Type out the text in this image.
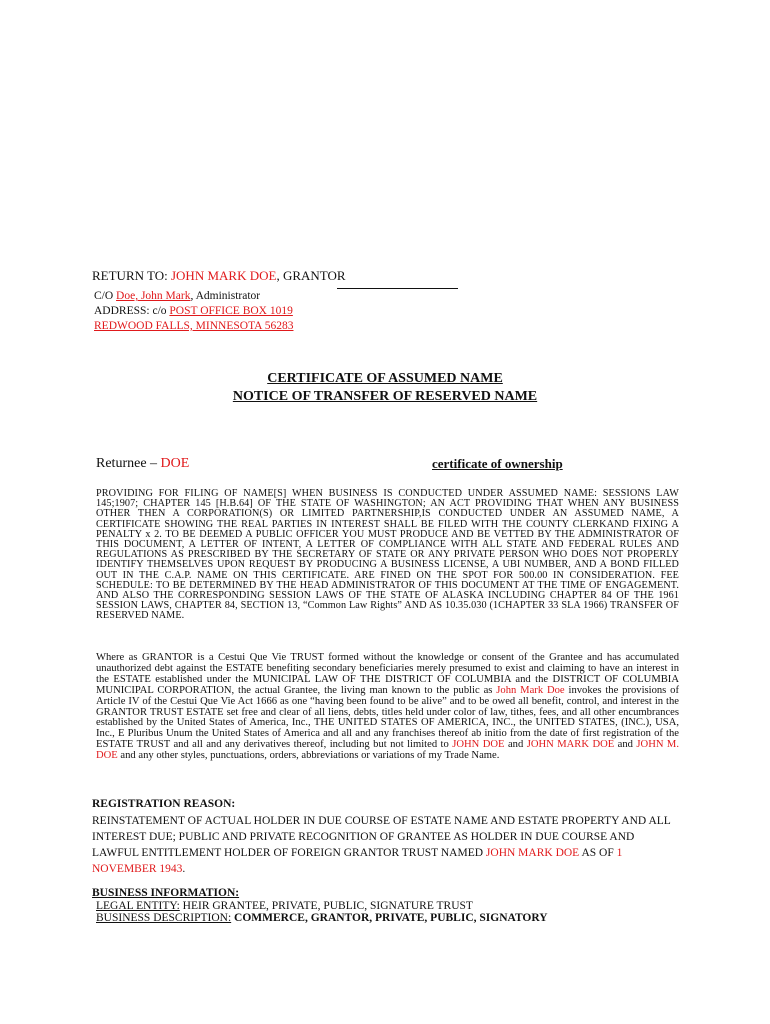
RETURN TO: JOHN MARK DOE, GRANTOR
C/O Doe, John Mark, Administrator
ADDRESS: c/o POST OFFICE BOX 1019
REDWOOD FALLS, MINNESOTA 56283
CERTIFICATE OF ASSUMED NAME
NOTICE OF TRANSFER OF RESERVED NAME
Returnee – DOE	certificate of ownership

PROVIDING FOR FILING OF NAME[S] WHEN BUSINESS IS CONDUCTED UNDER ASSUMED NAME: SESSIONS LAW 145;1907; CHAPTER 145 [H.B.64] OF THE STATE OF WASHINGTON; AN ACT PROVIDING THAT WHEN ANY BUSINESS OTHER THEN A CORPORATION(S) OR LIMITED PARTNERSHIP,IS CONDUCTED UNDER AN ASSUMED NAME, A CERTIFICATE SHOWING THE REAL PARTIES IN INTEREST SHALL BE FILED WITH THE COUNTY CLERKAND FIXING A PENALTY x 2. TO BE DEEMED A PUBLIC OFFICER YOU MUST PRODUCE AND BE VETTED BY THE ADMINISTRATOR OF THIS DOCUMENT, A LETTER OF INTENT, A LETTER OF COMPLIANCE WITH ALL STATE AND FEDERAL RULES AND REGULATIONS AS PRESCRIBED BY THE SECRETARY OF STATE OR ANY PRIVATE PERSON WHO DOES NOT PROPERLY IDENTIFY THEMSELVES UPON REQUEST BY PRODUCING A BUSINESS LICENSE, A UBI NUMBER, AND A BOND FILLED OUT IN THE C.A.P. NAME ON THIS CERTIFICATE. ARE FINED ON THE SPOT FOR 500.00 IN CONSIDERATION. FEE SCHEDULE: TO BE DETERMINED BY THE HEAD ADMINISTRATOR OF THIS DOCUMENT AT THE TIME OF ENGAGEMENT. AND ALSO THE CORRESPONDING SESSION LAWS OF THE STATE OF ALASKA INCLUDING CHAPTER 84 OF THE 1961 SESSION LAWS, CHAPTER 84, SECTION 13, “Common Law Rights” AND AS 10.35.030 (1CHAPTER 33 SLA 1966) TRANSFER OF RESERVED NAME.

Where as GRANTOR is a Cestui Que Vie TRUST formed without the knowledge or consent of the Grantee and has accumulated unauthorized debt against the ESTATE benefiting secondary beneficiaries merely presumed to exist and claiming to have an interest in the ESTATE established under the MUNICIPAL LAW OF THE DISTRICT OF COLUMBIA and the DISTRICT OF COLUMBIA MUNICIPAL CORPORATION, the actual Grantee, the living man known to the public as John Mark Doe invokes the provisions of Article IV of the Cestui Que Vie Act 1666 as one “having been found to be alive” and to be owed all benefit, control, and interest in the GRANTOR TRUST ESTATE set free and clear of all liens, debts, titles held under color of law, tithes, fees, and all other encumbrances established by the United States of America, Inc., THE UNITED STATES OF AMERICA, INC., the UNITED STATES, (INC.), USA, Inc., E Pluribus Unum the United States of America and all and any franchises thereof ab initio from the date of first registration of the ESTATE TRUST and all and any derivatives thereof, including but not limited to JOHN DOE and JOHN MARK DOE and JOHN M. DOE and any other styles, punctuations, orders, abbreviations or variations of my Trade Name.

REGISTRATION REASON:

REINSTATEMENT OF ACTUAL HOLDER IN DUE COURSE OF ESTATE NAME AND ESTATE PROPERTY AND ALL INTEREST DUE; PUBLIC AND PRIVATE RECOGNITION OF GRANTEE AS HOLDER IN DUE COURSE AND LAWFUL ENTITLEMENT HOLDER OF FOREIGN GRANTOR TRUST NAMED JOHN MARK DOE AS OF 1 NOVEMBER 1943.

BUSINESS INFORMATION:
LEGAL ENTITY: HEIR GRANTEE, PRIVATE, PUBLIC, SIGNATURE TRUST
BUSINESS DESCRIPTION: COMMERCE, GRANTOR, PRIVATE, PUBLIC, SIGNATORY
